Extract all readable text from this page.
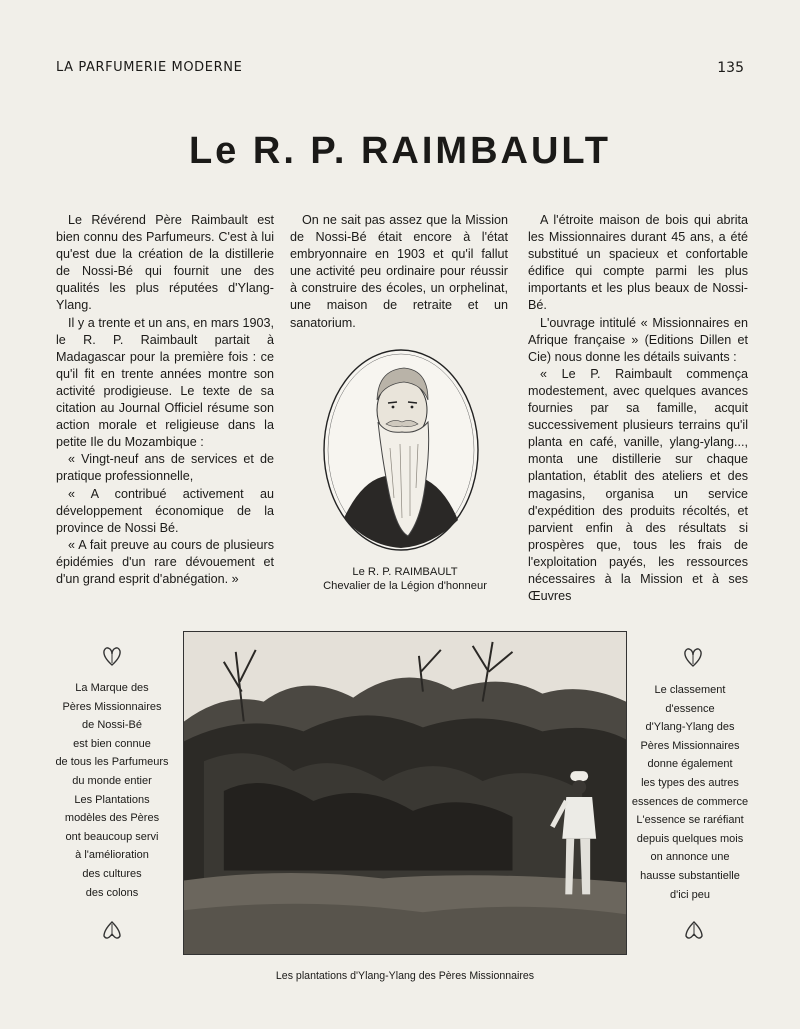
LA PARFUMERIE MODERNE	135
Le R. P. RAIMBAULT

Le Révérend Père Raimbault est bien connu des Parfumeurs. C'est à lui qu'est due la création de la distillerie de Nossi-Bé qui fournit une des qualités les plus réputées d'Ylang-Ylang.

Il y a trente et un ans, en mars 1903, le R. P. Raimbault partait à Madagascar pour la première fois : ce qu'il fit en trente années montre son activité prodigieuse. Le texte de sa citation au Journal Officiel résume son action morale et religieuse dans la petite Ile du Mozambique :

« Vingt-neuf ans de services et de pratique professionnelle,

« A contribué activement au développement économique de la province de Nossi Bé.

« A fait preuve au cours de plusieurs épidémies d'un rare dévouement et d'un grand esprit d'abnégation. »

On ne sait pas assez que la Mission de Nossi-Bé était encore à l'état embryonnaire en 1903 et qu'il fallut une activité peu ordinaire pour réussir à construire des écoles, un orphelinat, une maison de retraite et un sanatorium.

A l'étroite maison de bois qui abrita les Missionnaires durant 45 ans, a été substitué un spacieux et confortable édifice qui compte parmi les plus importants et les plus beaux de Nossi-Bé.

L'ouvrage intitulé « Missionnaires en Afrique française » (Editions Dillen et Cie) nous donne les détails suivants :

« Le P. Raimbault commença modestement, avec quelques avances fournies par sa famille, acquit successivement plusieurs terrains qu'il planta en café, vanille, ylang-ylang..., monta une distillerie sur chaque plantation, établit des ateliers et des magasins, organisa un service d'expédition des produits récoltés, et parvient enfin à des résultats si prospères que, tous les frais de l'exploitation payés, les ressources nécessaires à la Mission et à ses Œuvres

Le R. P. RAIMBAULT
Chevalier de la Légion d'honneur
Les plantations d'Ylang-Ylang des Pères Missionnaires
La Marque des
Pères Missionnaires
de Nossi-Bé
est bien connue
de tous les Parfumeurs
du monde entier
Les Plantations
modèles des Pères
ont beaucoup servi
à l'amélioration
des cultures
des colons
Le classement
d'essence
d'Ylang-Ylang des
Pères Missionnaires
donne également
les types des autres
essences de commerce
L'essence se raréfiant
depuis quelques mois
on annonce une
hausse substantielle
d'ici peu
